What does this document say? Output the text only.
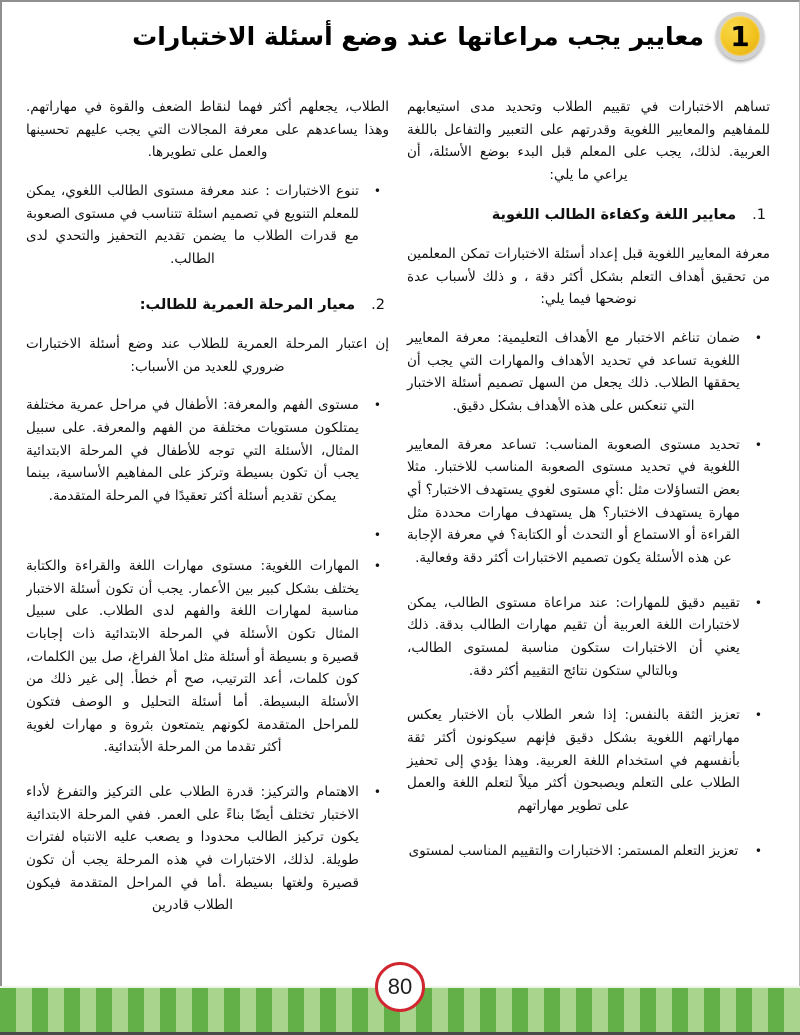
1
معايير يجب مراعاتها عند وضع أسئلة الاختبارات

تساهم الاختبارات في تقييم الطلاب وتحديد مدى استيعابهم للمفاهيم والمعايير اللغوية وقدرتهم على التعبير والتفاعل باللغة العربية. لذلك، يجب على المعلم قبل البدء بوضع الأسئلة، أن يراعي ما يلي:

1.
معايير اللغة وكفاءة الطالب اللغوية

معرفة المعايير اللغوية قبل إعداد أسئلة الاختبارات تمكن المعلمين من تحقيق أهداف التعلم بشكل أكثر دقة ، و ذلك لأسباب عدة نوضحها فيما يلي:

•
ضمان تناغم الاختبار مع الأهداف التعليمية: معرفة المعايير اللغوية تساعد في تحديد الأهداف والمهارات التي يجب أن يحققها الطلاب. ذلك يجعل من السهل تصميم أسئلة الاختبار التي تنعكس على هذه الأهداف بشكل دقيق.
•
تحديد مستوى الصعوبة المناسب: تساعد معرفة المعايير اللغوية في تحديد مستوى الصعوبة المناسب للاختبار. مثلا بعض التساؤلات مثل :أي مستوى لغوي يستهدف الاختبار؟ أي مهارة يستهدف الاختبار؟ هل يستهدف مهارات محددة مثل القراءة أو الاستماع أو التحدث أو الكتابة؟ في معرفة الإجابة عن هذه الأسئلة يكون تصميم الاختبارات أكثر دقة وفعالية.
•
تقييم دقيق للمهارات: عند مراعاة مستوى الطالب، يمكن لاختبارات اللغة العربية أن تقيم مهارات الطالب بدقة. ذلك يعني أن الاختبارات ستكون مناسبة لمستوى الطالب، وبالتالي ستكون نتائج التقييم أكثر دقة.
•
تعزيز الثقة بالنفس: إذا شعر الطلاب بأن الاختبار يعكس مهاراتهم اللغوية بشكل دقيق فإنهم سيكونون أكثر ثقة بأنفسهم في استخدام اللغة العربية. وهذا يؤدي إلى تحفيز الطلاب على التعلم ويصبحون أكثر ميلاً لتعلم اللغة والعمل على تطوير مهاراتهم
•
تعزيز التعلم المستمر: الاختبارات والتقييم المناسب لمستوى

الطلاب، يجعلهم أكثر فهما لنقاط الضعف والقوة في مهاراتهم. وهذا يساعدهم على معرفة المجالات التي يجب عليهم تحسينها والعمل على تطويرها.

•
تنوع الاختبارات : عند معرفة مستوى الطالب اللغوي، يمكن للمعلم التنويع في تصميم اسئلة تتناسب في مستوى الصعوبة مع قدرات الطلاب ما يضمن تقديم التحفيز والتحدي لدى الطالب.
2.
معيار المرحلة العمرية للطالب:

إن اعتبار المرحلة العمرية للطلاب عند وضع أسئلة الاختبارات ضروري للعديد من الأسباب:

•
مستوى الفهم والمعرفة: الأطفال في مراحل عمرية مختلفة يمتلكون مستويات مختلفة من الفهم والمعرفة. على سبيل المثال، الأسئلة التي توجه للأطفال في المرحلة الابتدائية يجب أن تكون بسيطة وتركز على المفاهيم الأساسية، بينما يمكن تقديم أسئلة أكثر تعقيدًا في المرحلة المتقدمة.
•
•
المهارات اللغوية: مستوى مهارات اللغة والقراءة والكتابة يختلف بشكل كبير بين الأعمار. يجب أن تكون أسئلة الاختبار مناسبة لمهارات اللغة والفهم لدى الطلاب. على سبيل المثال تكون الأسئلة في المرحلة الابتدائية ذات إجابات قصيرة و بسيطة أو أسئلة مثل املأ الفراغ، صل بين الكلمات، كون كلمات، أعد الترتيب، صح أم خطأ. إلى غير ذلك من الأسئلة البسيطة. أما أسئلة التحليل و الوصف فتكون للمراحل المتقدمة لكونهم يتمتعون بثروة و مهارات لغوية أكثر تقدما من المرحلة الأبتدائية.
•
الاهتمام والتركيز: قدرة الطلاب على التركيز والتفرغ لأداء الاختبار تختلف أيضًا بناءً على العمر. ففي المرحلة الابتدائية يكون تركيز الطالب محدودا و يصعب عليه الانتباه لفترات طويلة. لذلك، الاختبارات في هذه المرحلة يجب أن تكون قصيرة ولغتها بسيطة .أما في المراحل المتقدمة فيكون الطلاب قادرين
80
